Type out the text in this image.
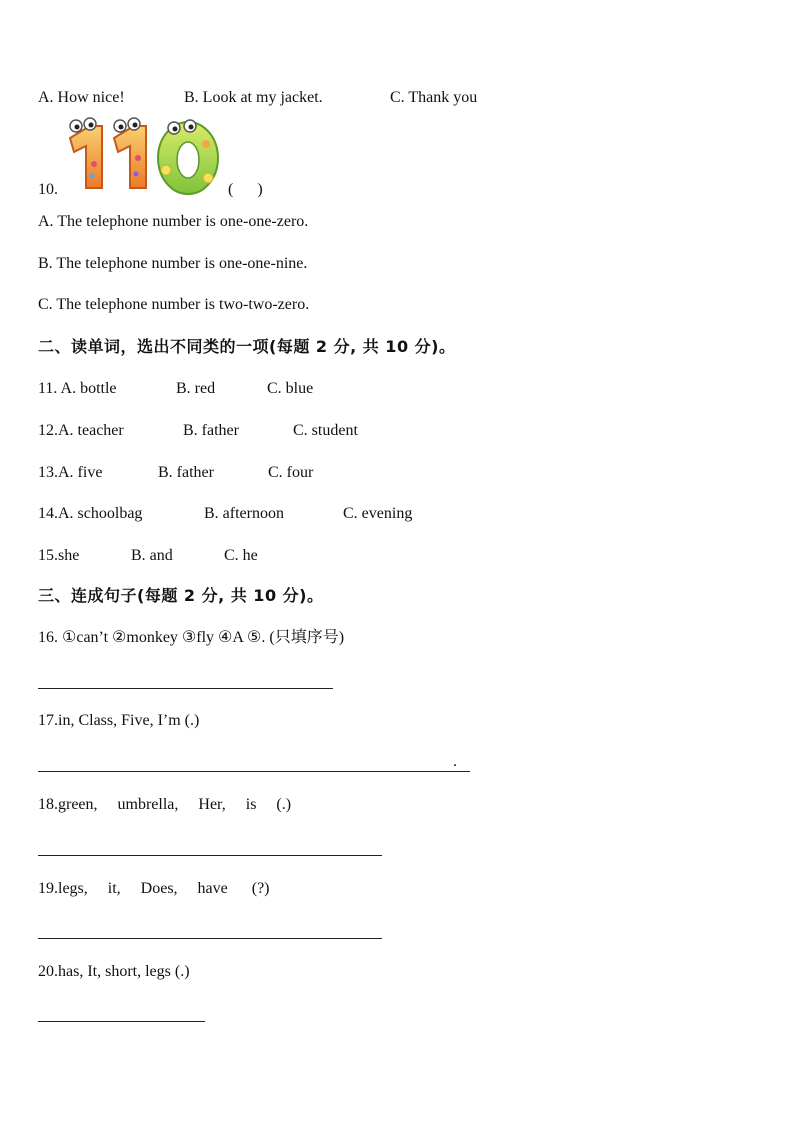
A. How nice!	B. Look at my jacket.	C. Thank you
10.	(      )
A. The telephone number is one-one-zero.
B. The telephone number is one-one-nine.
C. The telephone number is two-two-zero.
二、读单词，选出不同类的一项(每题 2 分, 共 10 分)。
11. A. bottle	B. red	C. blue
12.A. teacher	B. father	C. student
13.A. five	B. father	C. four
14.A. schoolbag	B. afternoon	C. evening
15.she	B. and	C. he
三、连成句子(每题 2 分, 共 10 分)。
16. ①can’t ②monkey ③fly ④A ⑤. (只填序号)
17.in, Class, Five, I’m (.)
.
18.green,     umbrella,     Her,     is     (.)
19.legs,     it,     Does,     have      (?)
20.has, It, short, legs (.)
